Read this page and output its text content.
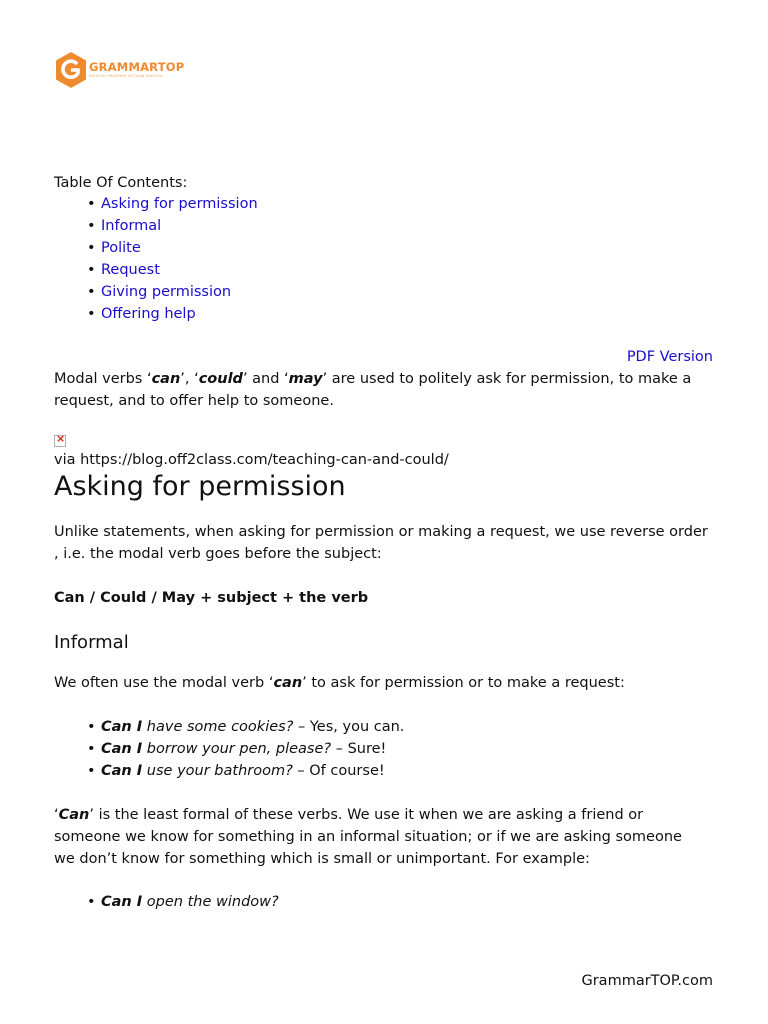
GRAMMARTOP
ENGLISH GRAMMAR IN PLAIN ENGLISH
Table Of Contents:
• Asking for permission
• Informal
• Polite
• Request
• Giving permission
• Offering help
PDF Version
Modal verbs ‘can’, ‘could’ and ‘may’ are used to politely ask for permission, to make a request, and to offer help to someone.
×
via https://blog.off2class.com/teaching-can-and-could/
Asking for permission
Unlike statements, when asking for permission or making a request, we use reverse order , i.e. the modal verb goes before the subject:
Can / Could / May + subject + the verb
Informal
We often use the modal verb ‘can’ to ask for permission or to make a request:
• Can I have some cookies? – Yes, you can.
• Can I borrow your pen, please? – Sure!
• Can I use your bathroom? – Of course!
‘Can’ is the least formal of these verbs. We use it when we are asking a friend or someone we know for something in an informal situation; or if we are asking someone we don’t know for something which is small or unimportant. For example:
• Can I open the window?
GrammarTOP.com
